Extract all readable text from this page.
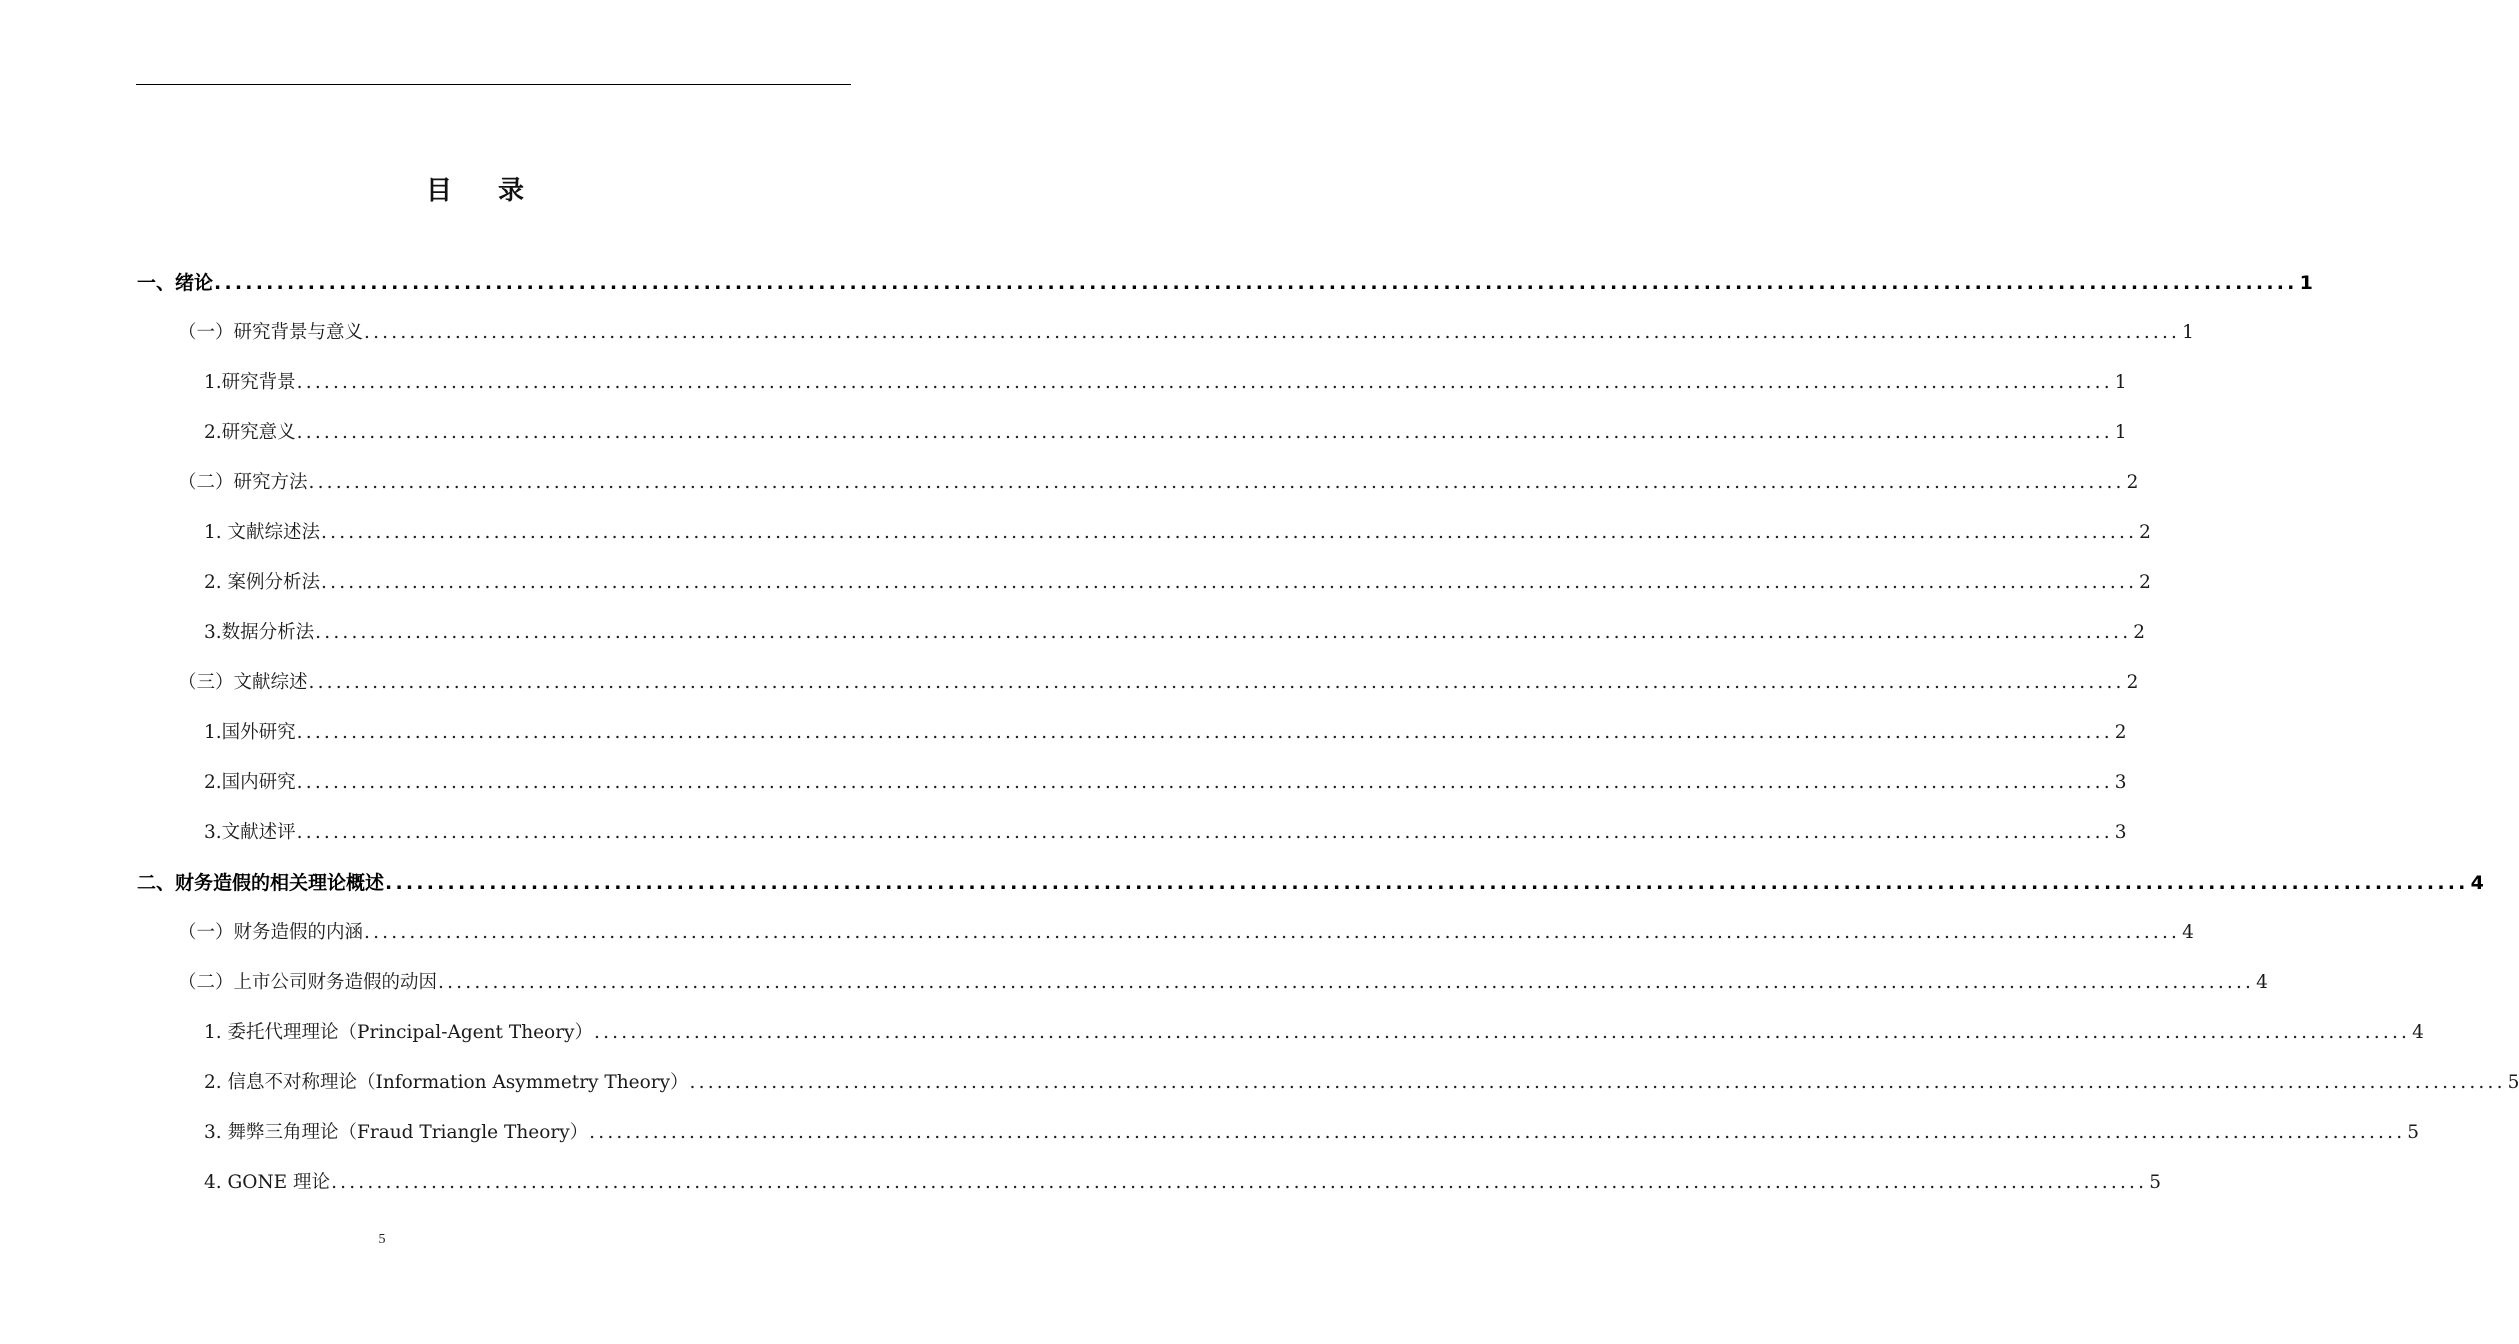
目 录
一、 绪论 ........................................................................................................................................................................................................ 1
（一）研究背景与意义 ........................................................................................................................................................................................................ 1
1.研究背景 ........................................................................................................................................................................................................ 1
2.研究意义 ........................................................................................................................................................................................................ 1
（二）研究方法 ........................................................................................................................................................................................................ 2
1. 文献综述法 ........................................................................................................................................................................................................ 2
2. 案例分析法 ........................................................................................................................................................................................................ 2
3.数据分析法 ........................................................................................................................................................................................................ 2
（三）文献综述 ........................................................................................................................................................................................................ 2
1.国外研究 ........................................................................................................................................................................................................ 2
2.国内研究 ........................................................................................................................................................................................................ 3
3.文献述评 ........................................................................................................................................................................................................ 3
二、 财务造假的相关理论概述 ........................................................................................................................................................................................................ 4
（一）财务造假的内涵 ........................................................................................................................................................................................................ 4
（二）上市公司财务造假的动因 ........................................................................................................................................................................................................ 4
1. 委托代理理论（Principal-Agent Theory） ........................................................................................................................................................................................................ 4
2. 信息不对称理论（Information Asymmetry Theory） ........................................................................................................................................................................................................ 5
3. 舞弊三角理论（Fraud Triangle Theory） ........................................................................................................................................................................................................ 5
4. GONE 理论 ........................................................................................................................................................................................................ 5
5
